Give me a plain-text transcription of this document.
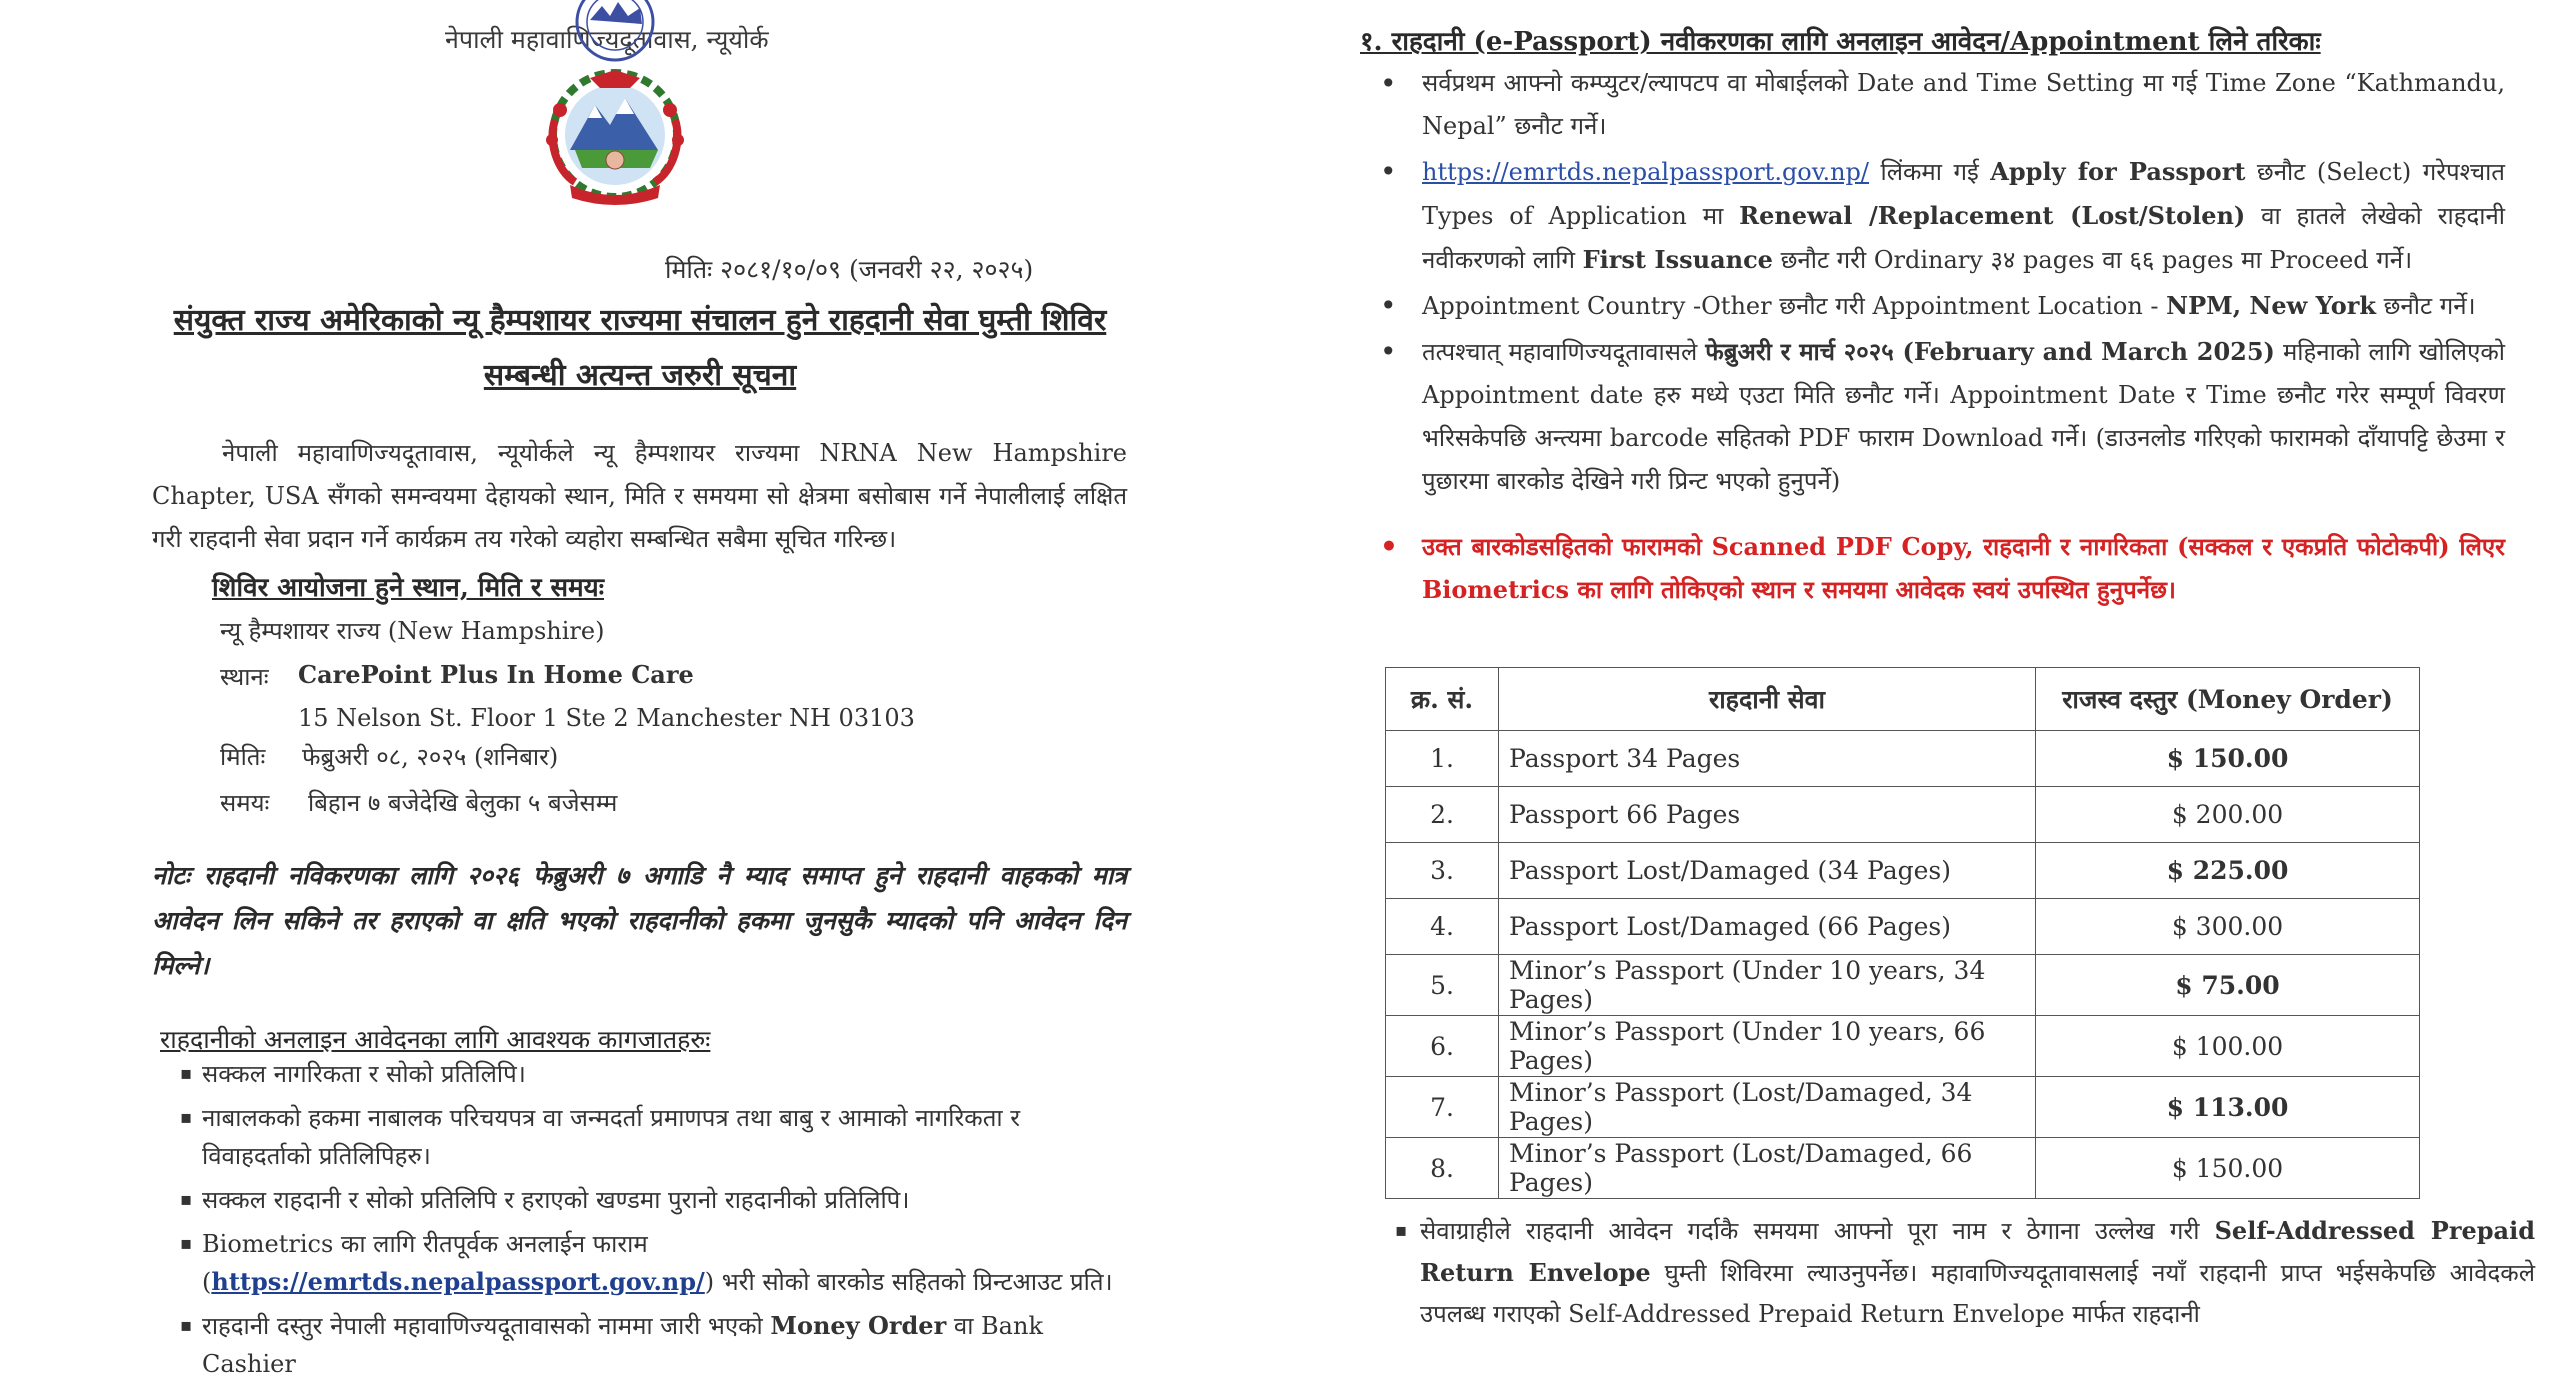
नेपाली महावाणिज्यदूतावास, न्यूयोर्क
मितिः २०८१/१०/०९ (जनवरी २२, २०२५)
संयुक्त राज्य अमेरिकाको न्यू हैम्पशायर राज्यमा संचालन हुने राहदानी सेवा घुम्ती शिविर
सम्बन्धी अत्यन्त जरुरी सूचना
नेपाली महावाणिज्यदूतावास, न्यूयोर्कले न्यू हैम्पशायर राज्यमा NRNA New Hampshire Chapter, USA सँगको समन्वयमा देहायको स्थान, मिति र समयमा सो क्षेत्रमा बसोबास गर्ने नेपालीलाई लक्षित गरी राहदानी सेवा प्रदान गर्ने कार्यक्रम तय गरेको व्यहोरा सम्बन्धित सबैमा सूचित गरिन्छ।
शिविर आयोजना हुने स्थान, मिति र समयः
न्यू हैम्पशायर राज्य (New Hampshire)
स्थानः CarePoint Plus In Home Care
15 Nelson St. Floor 1 Ste 2 Manchester NH 03103
मितिः फेब्रुअरी ०८, २०२५ (शनिबार)
समयः बिहान ७ बजेदेखि बेलुका ५ बजेसम्म
नोटः राहदानी नविकरणका लागि २०२६ फेब्रुअरी ७ अगाडि नै म्याद समाप्त हुने राहदानी वाहकको मात्र आवेदन लिन सकिने तर हराएको वा क्षति भएको राहदानीको हकमा जुनसुकै म्यादको पनि आवेदन दिन मिल्ने।
राहदानीको अनलाइन आवेदनका लागि आवश्यक कागजातहरुः
▪ सक्कल नागरिकता र सोको प्रतिलिपि।
▪ नाबालकको हकमा नाबालक परिचयपत्र वा जन्मदर्ता प्रमाणपत्र तथा बाबु र आमाको नागरिकता र विवाहदर्ताको प्रतिलिपिहरु।
▪ सक्कल राहदानी र सोको प्रतिलिपि र हराएको खण्डमा पुरानो राहदानीको प्रतिलिपि।
▪ Biometrics का लागि रीतपूर्वक अनलाईन फाराम (https://emrtds.nepalpassport.gov.np/) भरी सोको बारकोड सहितको प्रिन्टआउट प्रति।
▪ राहदानी दस्तुर नेपाली महावाणिज्यदूतावासको नाममा जारी भएको Money Order वा Bank Cashier
१. राहदानी (e-Passport) नवीकरणका लागि अनलाइन आवेदन/Appointment लिने तरिकाः
• सर्वप्रथम आफ्नो कम्प्युटर/ल्यापटप वा मोबाईलको Date and Time Setting मा गई Time Zone “Kathmandu, Nepal” छनौट गर्ने।
• https://emrtds.nepalpassport.gov.np/ लिंकमा गई Apply for Passport छनौट (Select) गरेपश्चात Types of Application मा Renewal /Replacement (Lost/Stolen) वा हातले लेखेको राहदानी नवीकरणको लागि First Issuance छनौट गरी Ordinary ३४ pages वा ६६ pages मा Proceed गर्ने।
• Appointment Country -Other छनौट गरी Appointment Location - NPM, New York छनौट गर्ने।
• तत्पश्चात् महावाणिज्यदूतावासले फेब्रुअरी र मार्च २०२५ (February and March 2025) महिनाको लागि खोलिएको Appointment date हरु मध्ये एउटा मिति छनौट गर्ने। Appointment Date र Time छनौट गरेर सम्पूर्ण विवरण भरिसकेपछि अन्त्यमा barcode सहितको PDF फाराम Download गर्ने। (डाउनलोड गरिएको फारामको दाँयापट्टि छेउमा र पुछारमा बारकोड देखिने गरी प्रिन्ट भएको हुनुपर्ने)
• उक्त बारकोडसहितको फारामको Scanned PDF Copy, राहदानी र नागरिकता (सक्कल र एकप्रति फोटोकपी) लिएर Biometrics का लागि तोकिएको स्थान र समयमा आवेदक स्वयं उपस्थित हुनुपर्नेछ।
क्र. सं.	राहदानी सेवा	राजस्व दस्तुर (Money Order)
1.	Passport 34 Pages	$ 150.00
2.	Passport 66 Pages	$ 200.00
3.	Passport Lost/Damaged (34 Pages)	$ 225.00
4.	Passport Lost/Damaged (66 Pages)	$ 300.00
5.	Minor’s Passport (Under 10 years, 34 Pages)	$ 75.00
6.	Minor’s Passport (Under 10 years, 66 Pages)	$ 100.00
7.	Minor’s Passport (Lost/Damaged, 34 Pages)	$ 113.00
8.	Minor’s Passport (Lost/Damaged, 66 Pages)	$ 150.00
▪ सेवाग्राहीले राहदानी आवेदन गर्दाकै समयमा आफ्नो पूरा नाम र ठेगाना उल्लेख गरी Self-Addressed Prepaid Return Envelope घुम्ती शिविरमा ल्याउनुपर्नेछ। महावाणिज्यदूतावासलाई नयाँ राहदानी प्राप्त भईसकेपछि आवेदकले उपलब्ध गराएको Self-Addressed Prepaid Return Envelope मार्फत राहदानी
